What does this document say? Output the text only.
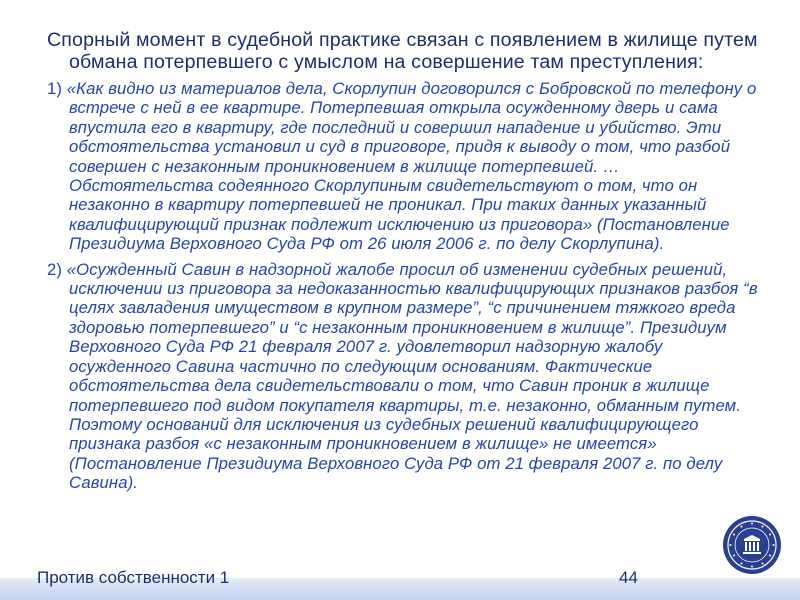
Спорный момент в судебной практике связан с появлением в жилище путем обмана потерпевшего с умыслом на совершение там преступления:

1) «Как видно из материалов дела, Скорлупин договорился с Бобровской по телефону о встрече с ней в ее квартире. Потерпевшая открыла осужденному дверь и сама впустила его в квартиру, где последний и совершил нападение и убийство. Эти обстоятельства установил и суд в приговоре, придя к выводу о том, что разбой совершен с незаконным проникновением в жилище потерпевшей. …Обстоятельства содеянного Скорлупиным свидетельствуют о том, что он незаконно в квартиру потерпевшей не проникал. При таких данных указанный квалифицирующий признак подлежит исключению из приговора» (Постановление Президиума Верховного Суда РФ от 26 июля 2006 г. по делу Скорлупина).

2) «Осужденный Савин в надзорной жалобе просил об изменении судебных решений, исключении из приговора за недоказанностью квалифицирующих признаков разбоя “в целях завладения имуществом в крупном размере”, “с причинением тяжкого вреда здоровью потерпевшего” и “с незаконным проникновением в жилище”. Президиум Верховного Суда РФ 21 февраля 2007 г. удовлетворил надзорную жалобу осужденного Савина частично по следующим основаниям. Фактические обстоятельства дела свидетельствовали о том, что Савин проник в жилище потерпевшего под видом покупателя квартиры, т.е. незаконно, обманным путем. Поэтому оснований для исключения из судебных решений квалифицирующего признака разбоя «с незаконным проникновением в жилище» не имеется» (Постановление Президиума Верховного Суда РФ от 21 февраля 2007 г. по делу Савина).

Против собственности 1	44
